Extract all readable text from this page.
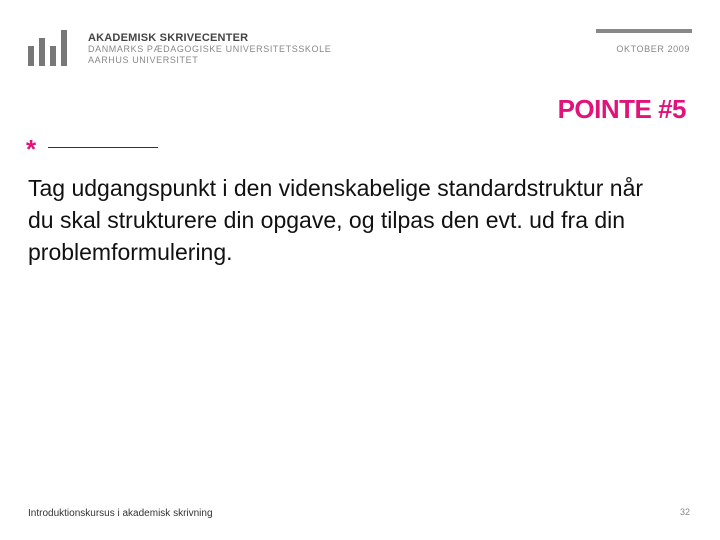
AKADEMISK SKRIVECENTER
DANMARKS PÆDAGOGISKE UNIVERSITETSSKOLE
AARHUS UNIVERSITET
OKTOBER 2009
POINTE #5
*
Tag udgangspunkt i den videnskabelige standardstruktur når du skal strukturere din opgave, og tilpas den evt. ud fra din problemformulering.
Introduktionskursus i akademisk skrivning	32
